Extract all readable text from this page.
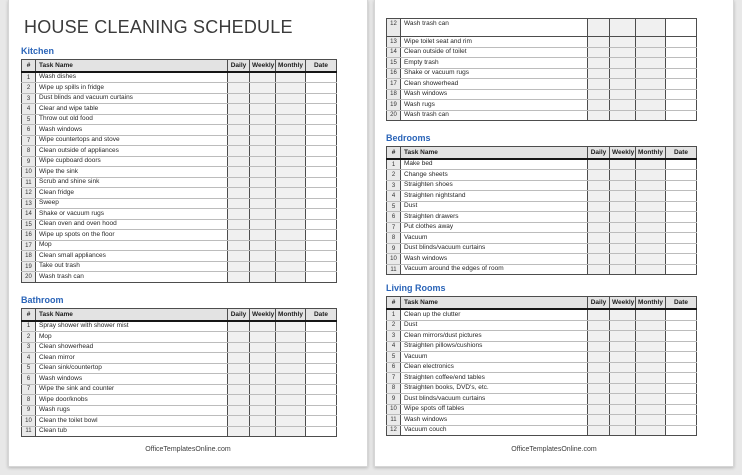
HOUSE CLEANING SCHEDULE
Kitchen
#	Task Name	Daily	Weekly	Monthly	Date
1	Wash dishes				
2	Wipe up spills in fridge				
3	Dust blinds and vacuum curtains				
4	Clear and wipe table				
5	Throw out old food				
6	Wash windows				
7	Wipe countertops and stove				
8	Clean outside of appliances				
9	Wipe cupboard doors				
10	Wipe the sink				
11	Scrub and shine sink				
12	Clean fridge				
13	Sweep				
14	Shake or vacuum rugs				
15	Clean oven and oven hood				
16	Wipe up spots on the floor				
17	Mop				
18	Clean small appliances				
19	Take out trash				
20	Wash trash can				
Bathroom
#	Task Name	Daily	Weekly	Monthly	Date
1	Spray shower with shower mist				
2	Mop				
3	Clean showerhead				
4	Clean mirror				
5	Clean sink/countertop				
6	Wash windows				
7	Wipe the sink and counter				
8	Wipe door/knobs				
9	Wash rugs				
10	Clean the toilet bowl				
11	Clean tub				
OfficeTemplatesOnline.com
12	Wash trash can				
13	Wipe toilet seat and rim				
14	Clean outside of toilet				
15	Empty trash				
16	Shake or vacuum rugs				
17	Clean showerhead				
18	Wash windows				
19	Wash rugs				
20	Wash trash can				
Bedrooms
#	Task Name	Daily	Weekly	Monthly	Date
1	Make bed				
2	Change sheets				
3	Straighten shoes				
4	Straighten nightstand				
5	Dust				
6	Straighten drawers				
7	Put clothes away				
8	Vacuum				
9	Dust blinds/vacuum curtains				
10	Wash windows				
11	Vacuum around the edges of room				
Living Rooms
#	Task Name	Daily	Weekly	Monthly	Date
1	Clean up the clutter				
2	Dust				
3	Clean mirrors/dust pictures				
4	Straighten pillows/cushions				
5	Vacuum				
6	Clean electronics				
7	Straighten coffee/end tables				
8	Straighten books, DVD's, etc.				
9	Dust blinds/vacuum curtains				
10	Wipe spots off tables				
11	Wash windows				
12	Vacuum couch				
OfficeTemplatesOnline.com
